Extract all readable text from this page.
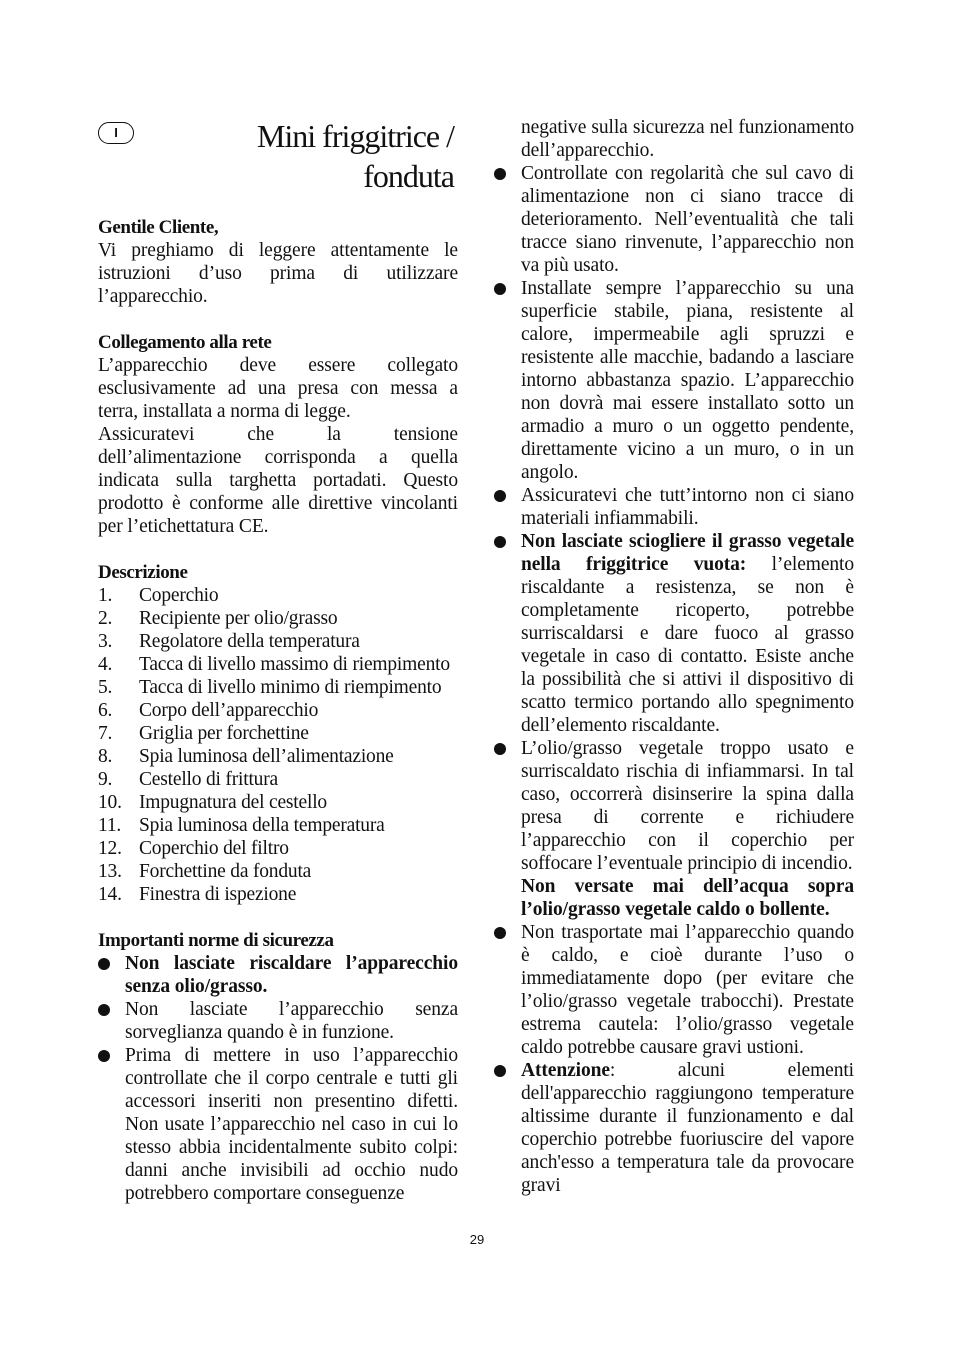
I	Mini friggitrice /
fonduta

Gentile Cliente,

Vi preghiamo di leggere attentamente le istruzioni d’uso prima di utilizzare l’apparecchio.

Collegamento alla rete

L’apparecchio deve essere collegato esclusivamente ad una presa con messa a terra, installata a norma di legge.

Assicuratevi che la tensione dell’alimentazione corrisponda a quella indicata sulla targhetta portadati. Questo prodotto è conforme alle direttive vincolanti per l’etichettatura CE.

Descrizione

1. Coperchio
2. Recipiente per olio/grasso
3. Regolatore della temperatura
4. Tacca di livello massimo di riempimento
5. Tacca di livello minimo di riempimento
6. Corpo dell’apparecchio
7. Griglia per forchettine
8. Spia luminosa dell’alimentazione
9. Cestello di frittura
10. Impugnatura del cestello
11. Spia luminosa della temperatura
12. Coperchio del filtro
13. Forchettine da fonduta
14. Finestra di ispezione

Importanti norme di sicurezza

Non lasciate riscaldare l’apparecchio senza olio/grasso.
Non lasciate l’apparecchio senza sorveglianza quando è in funzione.
Prima di mettere in uso l’apparecchio controllate che il corpo centrale e tutti gli accessori inseriti non presentino difetti. Non usate l’apparecchio nel caso in cui lo stesso abbia incidentalmente subito colpi: danni anche invisibili ad occhio nudo potrebbero comportare conseguenze

negative sulla sicurezza nel funzionamento dell’apparecchio.

Controllate con regolarità che sul cavo di alimentazione non ci siano tracce di deterioramento. Nell’eventualità che tali tracce siano rinvenute, l’apparecchio non va più usato.
Installate sempre l’apparecchio su una superficie stabile, piana, resistente al calore, impermeabile agli spruzzi e resistente alle macchie, badando a lasciare intorno abbastanza spazio. L’apparecchio non dovrà mai essere installato sotto un armadio a muro o un oggetto pendente, direttamente vicino a un muro, o in un angolo.
Assicuratevi che tutt’intorno non ci siano materiali infiammabili.
Non lasciate sciogliere il grasso vegetale nella friggitrice vuota: l’elemento riscaldante a resistenza, se non è completamente ricoperto, potrebbe surriscaldarsi e dare fuoco al grasso vegetale in caso di contatto. Esiste anche la possibilità che si attivi il dispositivo di scatto termico portando allo spegnimento dell’elemento riscaldante.
L’olio/grasso vegetale troppo usato e surriscaldato rischia di infiammarsi. In tal caso, occorrerà disinserire la spina dalla presa di corrente e richiudere l’apparecchio con il coperchio per soffocare l’eventuale principio di incendio.
Non versate mai dell’acqua sopra l’olio/grasso vegetale caldo o bollente.
Non trasportate mai l’apparecchio quando è caldo, e cioè durante l’uso o immediatamente dopo (per evitare che l’olio/grasso vegetale trabocchi). Prestate estrema cautela: l’olio/grasso vegetale caldo potrebbe causare gravi ustioni.
Attenzione: alcuni elementi dell'apparecchio raggiungono temperature altissime durante il funzionamento e dal coperchio potrebbe fuoriuscire del vapore anch'esso a temperatura tale da provocare gravi
29
